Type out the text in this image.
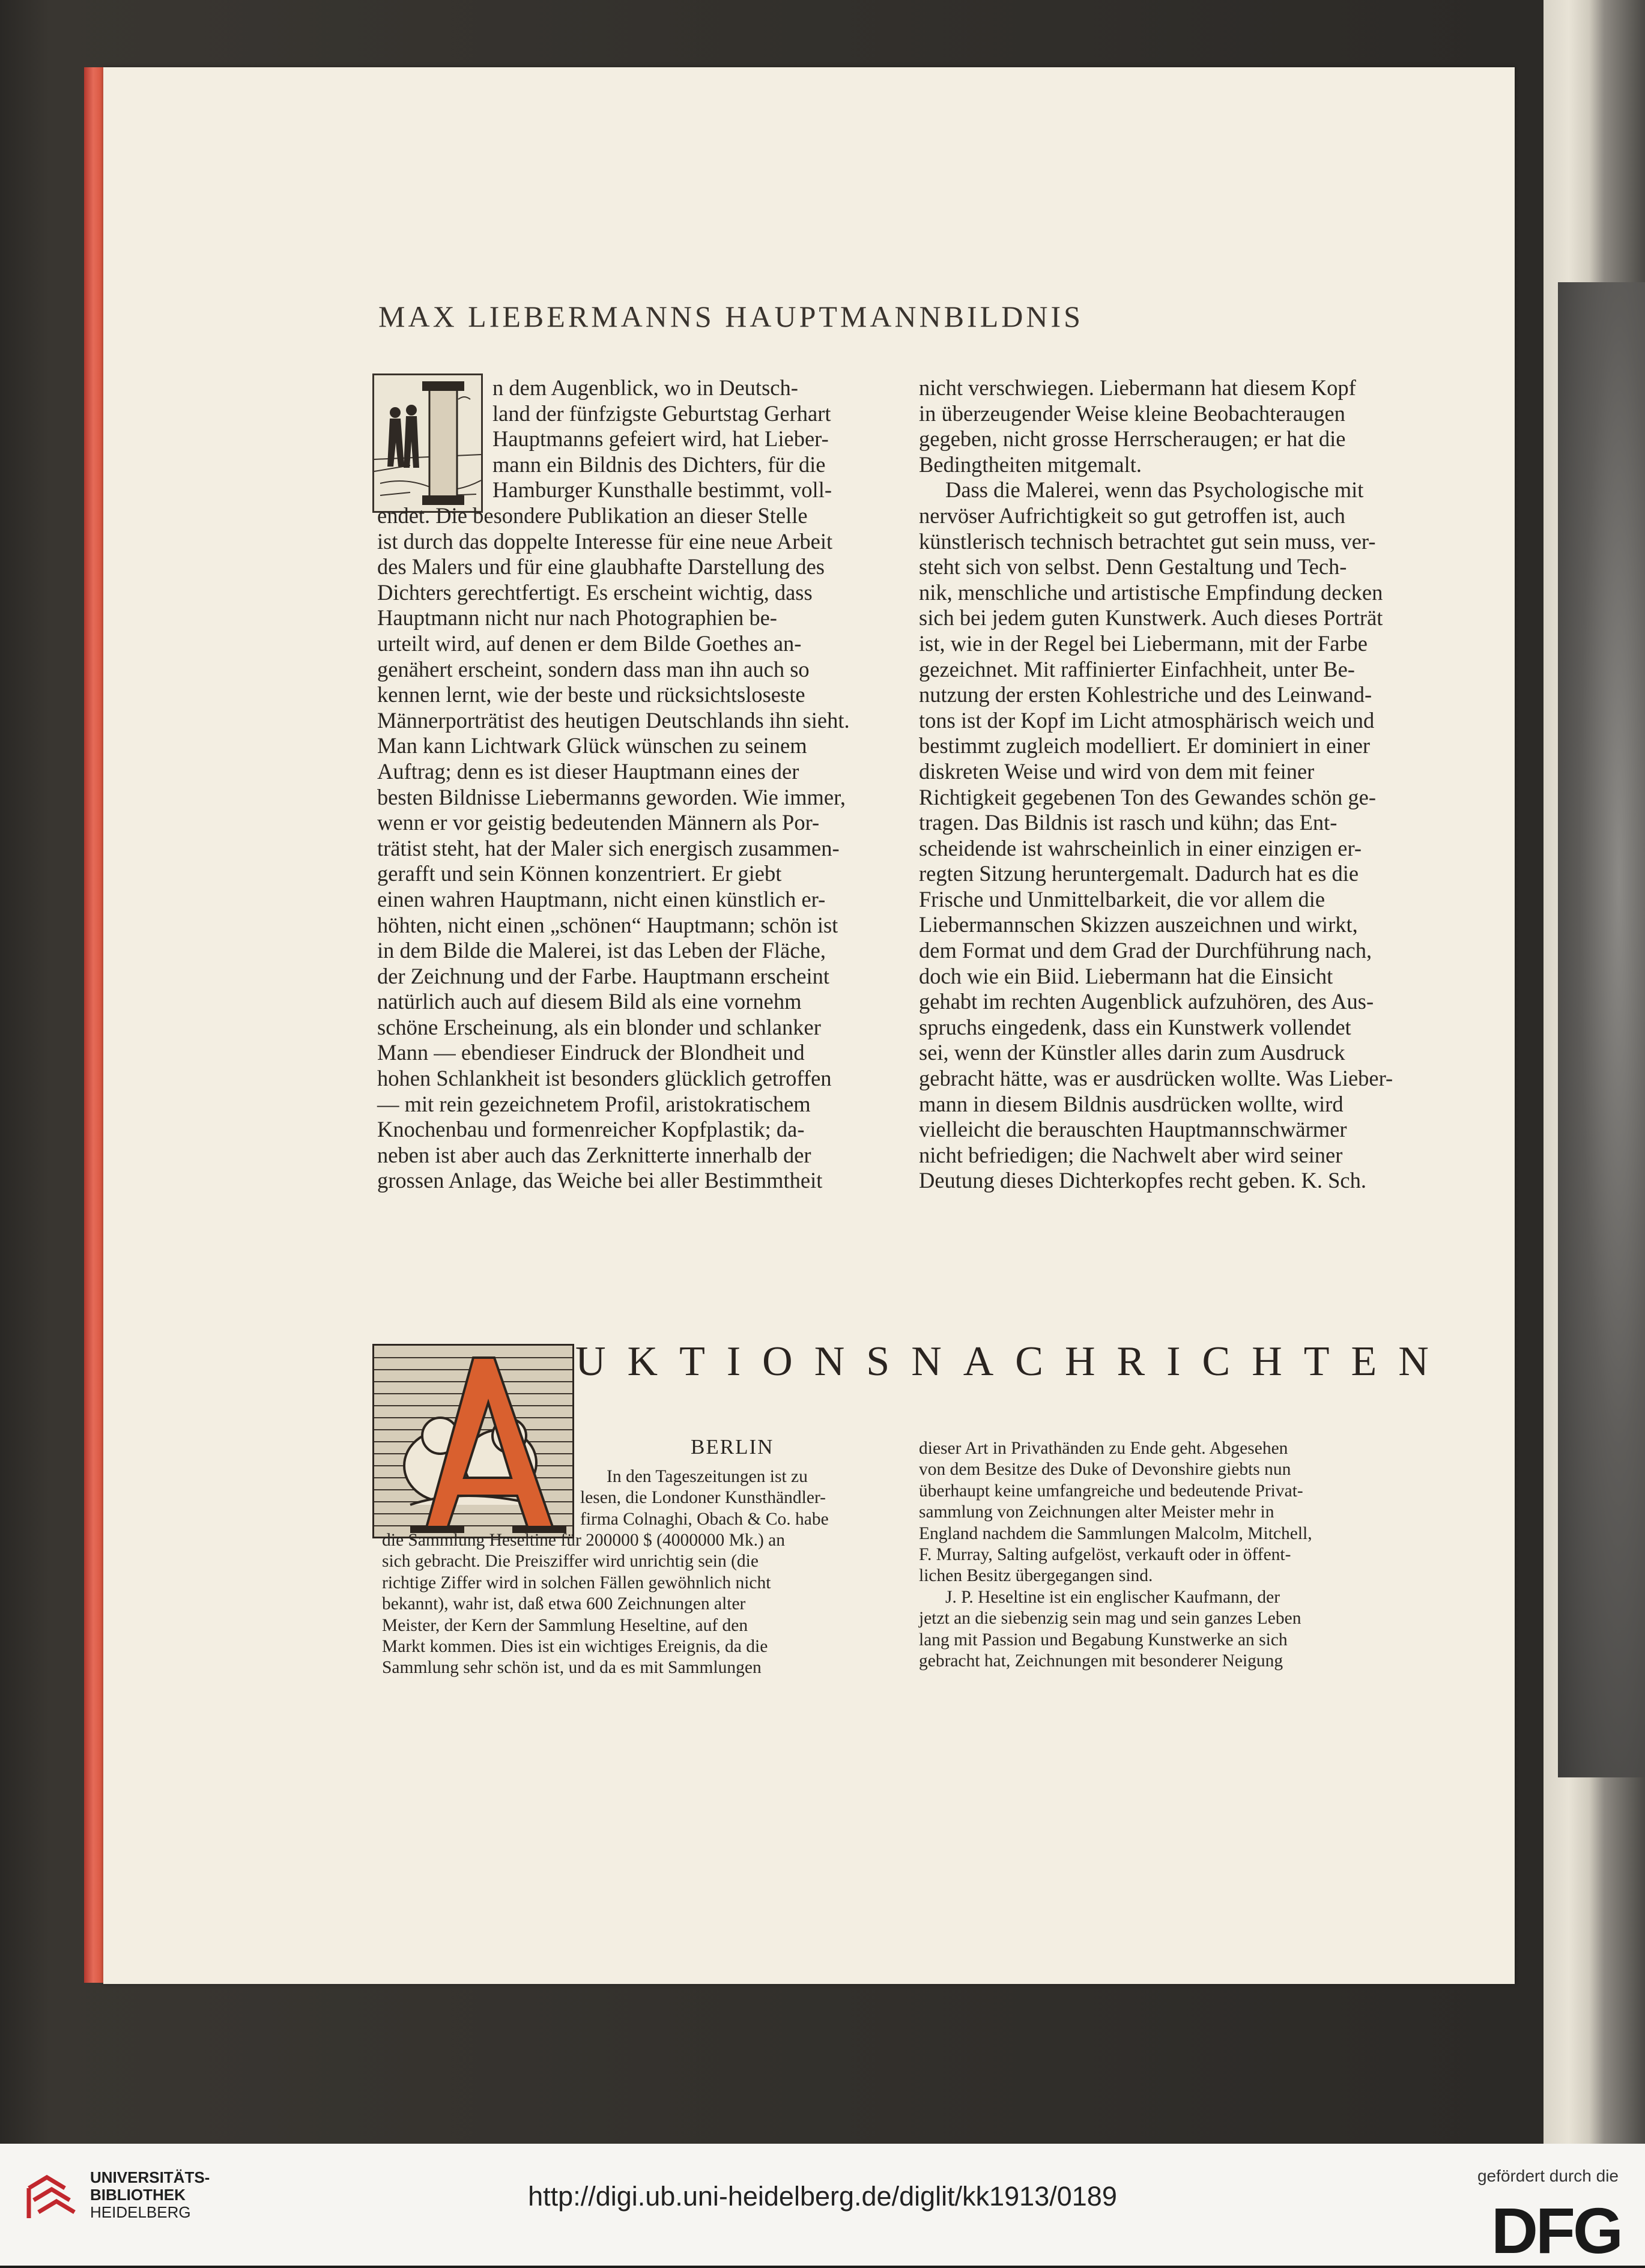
MAX LIEBERMANNS HAUPTMANNBILDNIS

n dem Augenblick, wo in Deutsch-

land der fünfzigste Geburtstag Gerhart

Hauptmanns gefeiert wird, hat Lieber-

mann ein Bildnis des Dichters, für die

Hamburger Kunsthalle bestimmt, voll-

endet. Die besondere Publikation an dieser Stelle

ist durch das doppelte Interesse für eine neue Arbeit

des Malers und für eine glaubhafte Darstellung des

Dichters gerechtfertigt. Es erscheint wichtig, dass

Hauptmann nicht nur nach Photographien be-

urteilt wird, auf denen er dem Bilde Goethes an-

genähert erscheint, sondern dass man ihn auch so

kennen lernt, wie der beste und rücksichtsloseste

Männerporträtist des heutigen Deutschlands ihn sieht.

Man kann Lichtwark Glück wünschen zu seinem

Auftrag; denn es ist dieser Hauptmann eines der

besten Bildnisse Liebermanns geworden. Wie immer,

wenn er vor geistig bedeutenden Männern als Por-

trätist steht, hat der Maler sich energisch zusammen-

gerafft und sein Können konzentriert. Er giebt

einen wahren Hauptmann, nicht einen künstlich er-

höhten, nicht einen „schönen“ Hauptmann; schön ist

in dem Bilde die Malerei, ist das Leben der Fläche,

der Zeichnung und der Farbe. Hauptmann erscheint

natürlich auch auf diesem Bild als eine vornehm

schöne Erscheinung, als ein blonder und schlanker

Mann — ebendieser Eindruck der Blondheit und

hohen Schlankheit ist besonders glücklich getroffen

— mit rein gezeichnetem Profil, aristokratischem

Knochenbau und formenreicher Kopfplastik; da-

neben ist aber auch das Zerknitterte innerhalb der

grossen Anlage, das Weiche bei aller Bestimmtheit

nicht verschwiegen. Liebermann hat diesem Kopf

in überzeugender Weise kleine Beobachteraugen

gegeben, nicht grosse Herrscheraugen; er hat die

Bedingtheiten mitgemalt.

Dass die Malerei, wenn das Psychologische mit

nervöser Aufrichtigkeit so gut getroffen ist, auch

künstlerisch technisch betrachtet gut sein muss, ver-

steht sich von selbst. Denn Gestaltung und Tech-

nik, menschliche und artistische Empfindung decken

sich bei jedem guten Kunstwerk. Auch dieses Porträt

ist, wie in der Regel bei Liebermann, mit der Farbe

gezeichnet. Mit raffinierter Einfachheit, unter Be-

nutzung der ersten Kohlestriche und des Leinwand-

tons ist der Kopf im Licht atmosphärisch weich und

bestimmt zugleich modelliert. Er dominiert in einer

diskreten Weise und wird von dem mit feiner

Richtigkeit gegebenen Ton des Gewandes schön ge-

tragen. Das Bildnis ist rasch und kühn; das Ent-

scheidende ist wahrscheinlich in einer einzigen er-

regten Sitzung heruntergemalt. Dadurch hat es die

Frische und Unmittelbarkeit, die vor allem die

Liebermannschen Skizzen auszeichnen und wirkt,

dem Format und dem Grad der Durchführung nach,

doch wie ein Biid. Liebermann hat die Einsicht

gehabt im rechten Augenblick aufzuhören, des Aus-

spruchs eingedenk, dass ein Kunstwerk vollendet

sei, wenn der Künstler alles darin zum Ausdruck

gebracht hätte, was er ausdrücken wollte. Was Lieber-

mann in diesem Bildnis ausdrücken wollte, wird

vielleicht die berauschten Hauptmannschwärmer

nicht befriedigen; die Nachwelt aber wird seiner

Deutung dieses Dichterkopfes recht geben. K. Sch.

UKTIONSNACHRICHTEN
BERLIN

In den Tageszeitungen ist zu

lesen, die Londoner Kunsthändler-

firma Colnaghi, Obach & Co. habe

die Sammlung Heseltine für 200000 $ (4000000 Mk.) an

sich gebracht. Die Preisziffer wird unrichtig sein (die

richtige Ziffer wird in solchen Fällen gewöhnlich nicht

bekannt), wahr ist, daß etwa 600 Zeichnungen alter

Meister, der Kern der Sammlung Heseltine, auf den

Markt kommen. Dies ist ein wichtiges Ereignis, da die

Sammlung sehr schön ist, und da es mit Sammlungen

dieser Art in Privathänden zu Ende geht. Abgesehen

von dem Besitze des Duke of Devonshire giebts nun

überhaupt keine umfangreiche und bedeutende Privat-

sammlung von Zeichnungen alter Meister mehr in

England nachdem die Sammlungen Malcolm, Mitchell,

F. Murray, Salting aufgelöst, verkauft oder in öffent-

lichen Besitz übergegangen sind.

J. P. Heseltine ist ein englischer Kaufmann, der

jetzt an die siebenzig sein mag und sein ganzes Leben

lang mit Passion und Begabung Kunstwerke an sich

gebracht hat, Zeichnungen mit besonderer Neigung

UNIVERSITÄTS-
BIBLIOTHEK
HEIDELBERG
http://digi.ub.uni-heidelberg.de/diglit/kk1913/0189
gefördert durch die
DFG
